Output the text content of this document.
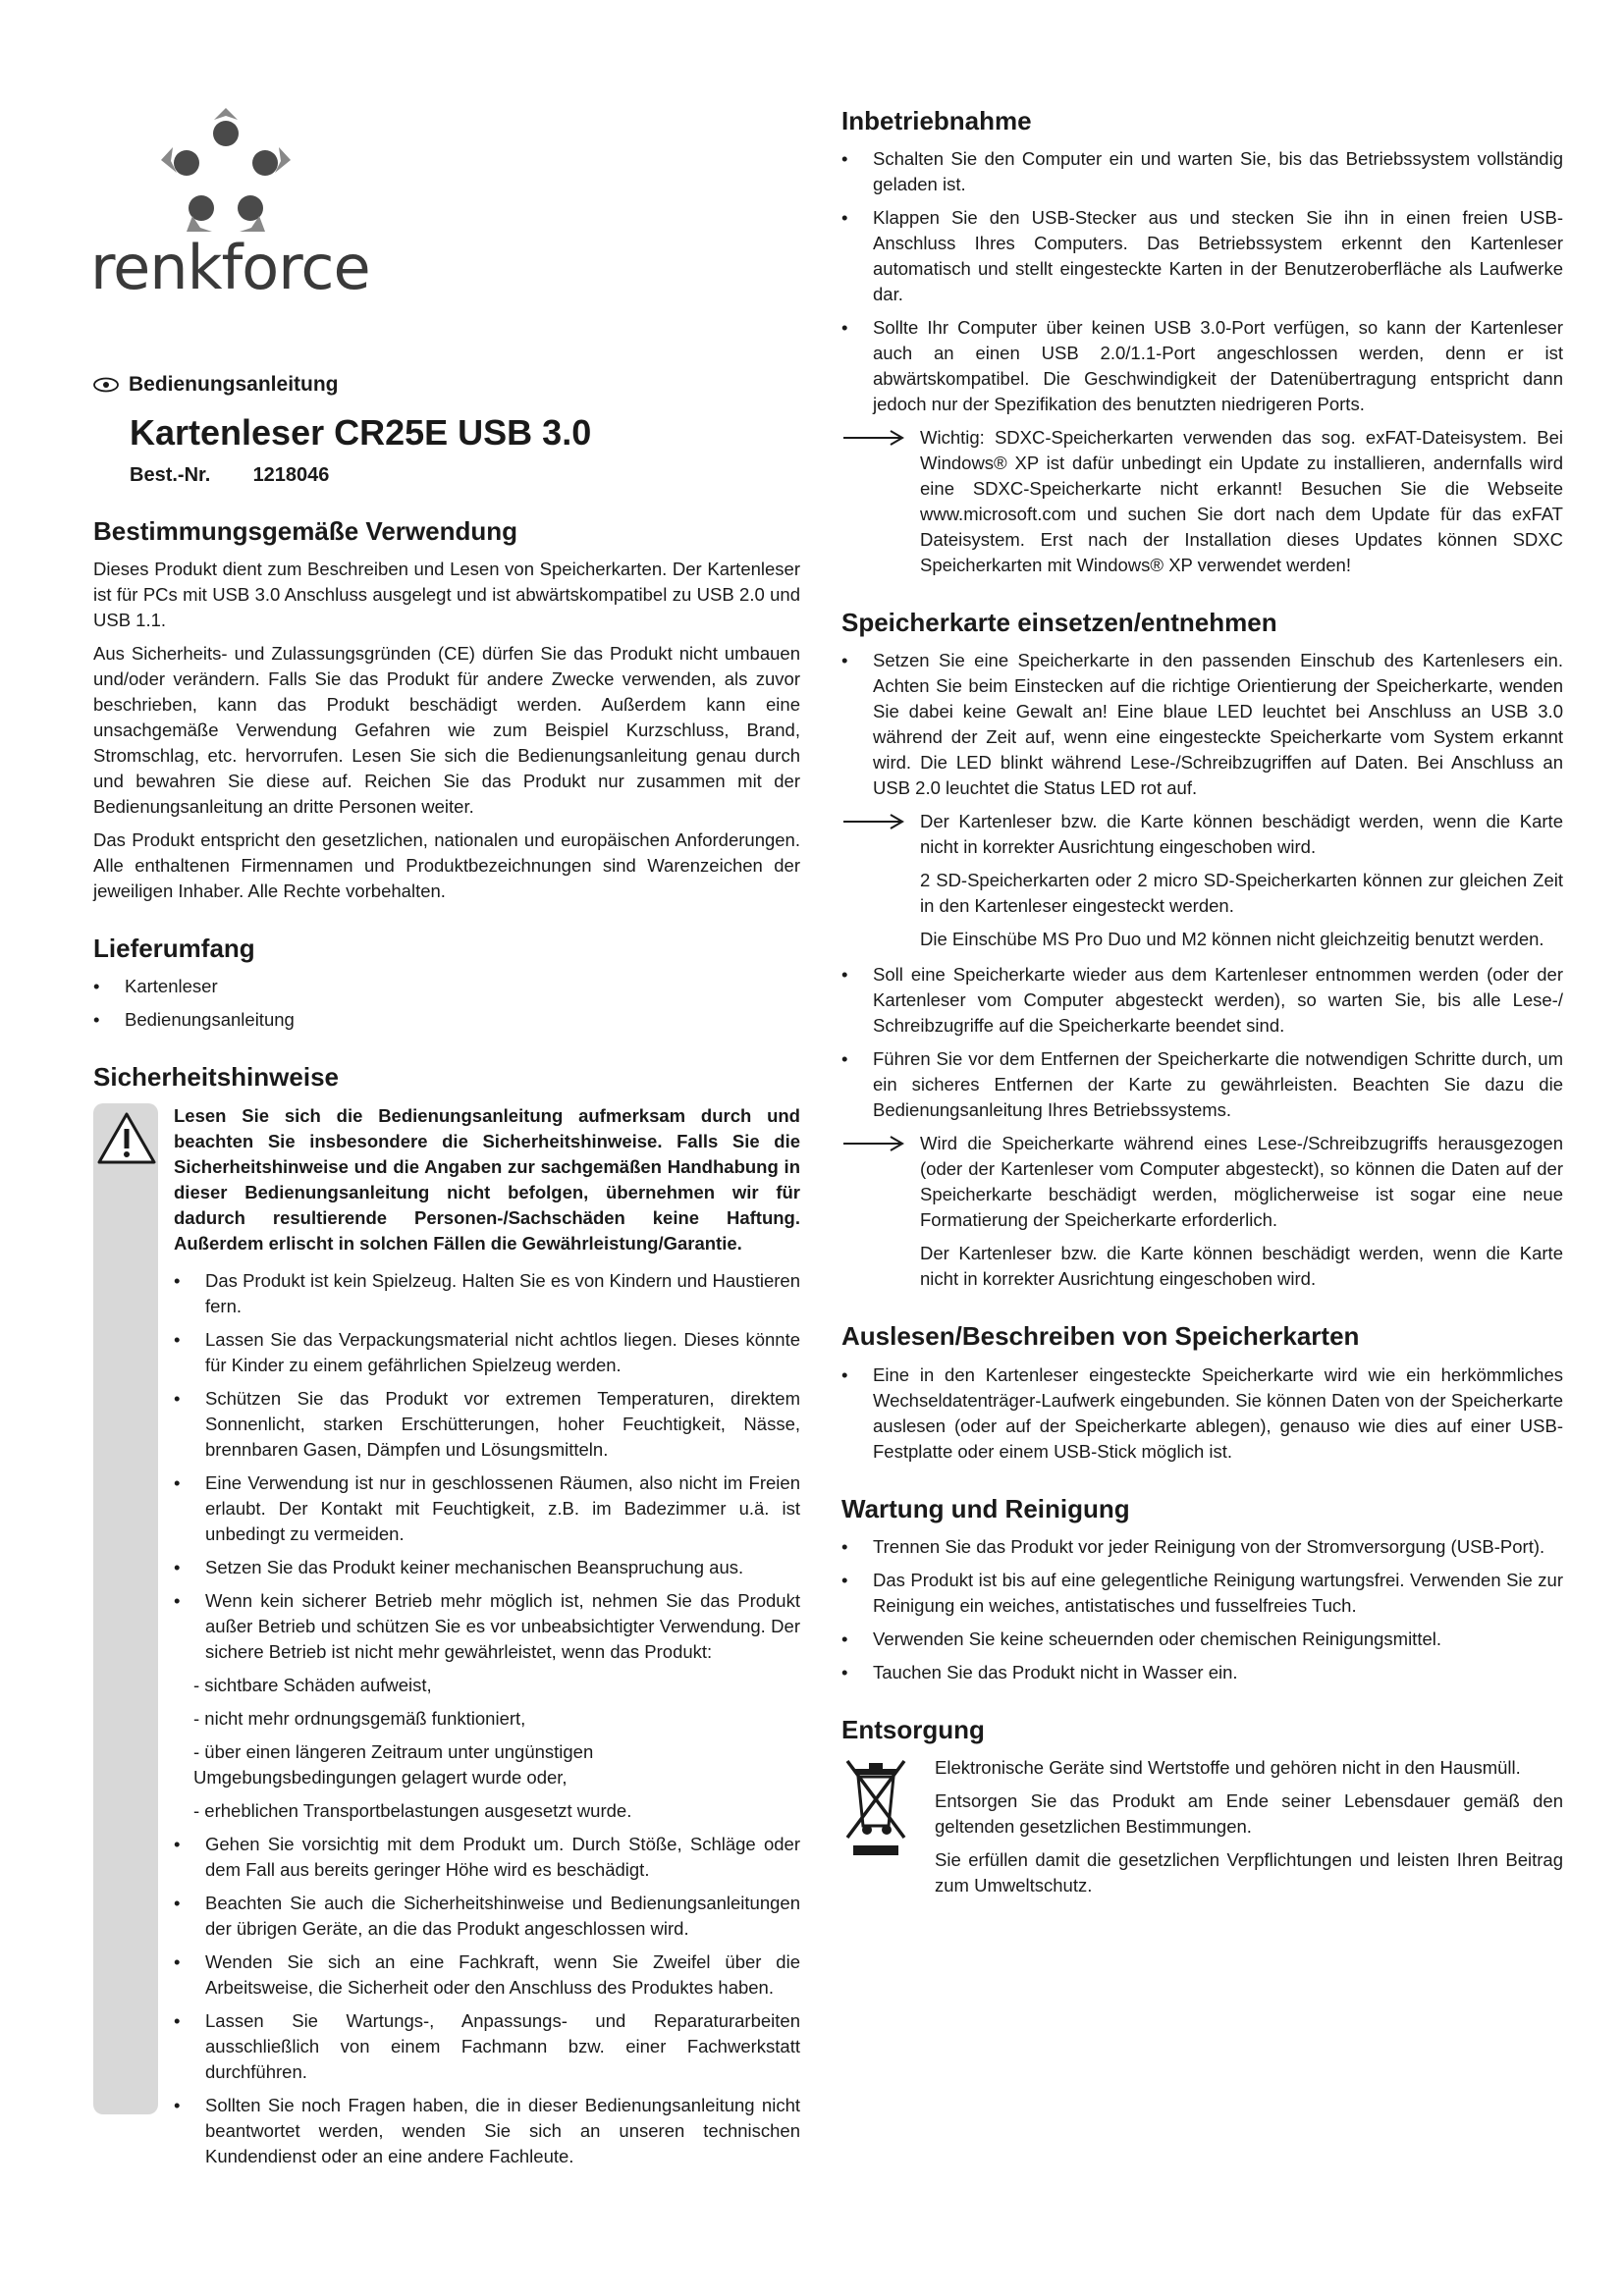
renkforce
Bedienungsanleitung
Kartenleser CR25E USB 3.0
Best.-Nr. 1218046
Bestimmungsgemäße Verwendung

Dieses Produkt dient zum Beschreiben und Lesen von Speicherkarten. Der Kartenleser ist für PCs mit USB 3.0 Anschluss ausgelegt und ist abwärtskompatibel zu USB 2.0 und USB 1.1.

Aus Sicherheits- und Zulassungsgründen (CE) dürfen Sie das Produkt nicht umbauen und/oder verändern. Falls Sie das Produkt für andere Zwecke verwenden, als zuvor beschrieben, kann das Produkt beschädigt werden. Außerdem kann eine unsachgemäße Verwendung Gefahren wie zum Beispiel Kurzschluss, Brand, Stromschlag, etc. hervorrufen. Lesen Sie sich die Bedienungsanleitung genau durch und bewahren Sie diese auf. Reichen Sie das Produkt nur zusammen mit der Bedienungsanleitung an dritte Personen weiter.

Das Produkt entspricht den gesetzlichen, nationalen und europäischen Anforderungen. Alle enthaltenen Firmennamen und Produktbezeichnungen sind Warenzeichen der jeweiligen Inhaber. Alle Rechte vorbehalten.

Lieferumfang
• Kartenleser
• Bedienungsanleitung
Sicherheitshinweise
Lesen Sie sich die Bedienungsanleitung aufmerksam durch und beachten Sie insbesondere die Sicherheitshinweise. Falls Sie die Sicherheitshinweise und die Angaben zur sachgemäßen Handhabung in dieser Bedienungsanleitung nicht befolgen, übernehmen wir für dadurch resultierende Personen-/Sachschäden keine Haftung. Außerdem erlischt in solchen Fällen die Gewährleistung/Garantie.
• Das Produkt ist kein Spielzeug. Halten Sie es von Kindern und Haustieren fern.
• Lassen Sie das Verpackungsmaterial nicht achtlos liegen. Dieses könnte für Kinder zu einem gefährlichen Spielzeug werden.
• Schützen Sie das Produkt vor extremen Temperaturen, direktem Sonnenlicht, starken Erschütterungen, hoher Feuchtigkeit, Nässe, brennbaren Gasen, Dämpfen und Lösungsmitteln.
• Eine Verwendung ist nur in geschlossenen Räumen, also nicht im Freien erlaubt. Der Kontakt mit Feuchtigkeit, z.B. im Badezimmer u.ä. ist unbedingt zu vermeiden.
• Setzen Sie das Produkt keiner mechanischen Beanspruchung aus.
• Wenn kein sicherer Betrieb mehr möglich ist, nehmen Sie das Produkt außer Betrieb und schützen Sie es vor unbeabsichtigter Verwendung. Der sichere Betrieb ist nicht mehr gewährleistet, wenn das Produkt:
- sichtbare Schäden aufweist,
- nicht mehr ordnungsgemäß funktioniert,
- über einen längeren Zeitraum unter ungünstigen Umgebungsbedingungen gelagert wurde oder,
- erheblichen Transportbelastungen ausgesetzt wurde.
• Gehen Sie vorsichtig mit dem Produkt um. Durch Stöße, Schläge oder dem Fall aus bereits geringer Höhe wird es beschädigt.
• Beachten Sie auch die Sicherheitshinweise und Bedienungsanleitungen der übrigen Geräte, an die das Produkt angeschlossen wird.
• Wenden Sie sich an eine Fachkraft, wenn Sie Zweifel über die Arbeitsweise, die Sicherheit oder den Anschluss des Produktes haben.
• Lassen Sie Wartungs-, Anpassungs- und Reparaturarbeiten ausschließlich von einem Fachmann bzw. einer Fachwerkstatt durchführen.
• Sollten Sie noch Fragen haben, die in dieser Bedienungsanleitung nicht beantwortet werden, wenden Sie sich an unseren technischen Kundendienst oder an eine andere Fachleute.
Inbetriebnahme
• Schalten Sie den Computer ein und warten Sie, bis das Betriebssystem vollständig geladen ist.
• Klappen Sie den USB-Stecker aus und stecken Sie ihn in einen freien USB-Anschluss Ihres Computers. Das Betriebssystem erkennt den Kartenleser automatisch und stellt eingesteckte Karten in der Benutzeroberfläche als Laufwerke dar.
• Sollte Ihr Computer über keinen USB 3.0-Port verfügen, so kann der Kartenleser auch an einen USB 2.0/1.1-Port angeschlossen werden, denn er ist abwärtskompatibel. Die Geschwindigkeit der Datenübertragung entspricht dann jedoch nur der Spezifikation des benutzten niedrigeren Ports.

Wichtig: SDXC-Speicherkarten verwenden das sog. exFAT-Dateisystem. Bei Windows® XP ist dafür unbedingt ein Update zu installieren, andernfalls wird eine SDXC-Speicherkarte nicht erkannt! Besuchen Sie die Webseite www.microsoft.com und suchen Sie dort nach dem Update für das exFAT Dateisystem. Erst nach der Installation dieses Updates können SDXC Speicherkarten mit Windows® XP verwendet werden!

Speicherkarte einsetzen/entnehmen
• Setzen Sie eine Speicherkarte in den passenden Einschub des Kartenlesers ein. Achten Sie beim Einstecken auf die richtige Orientierung der Speicherkarte, wenden Sie dabei keine Gewalt an! Eine blaue LED leuchtet bei Anschluss an USB 3.0 während der Zeit auf, wenn eine eingesteckte Speicherkarte vom System erkannt wird. Die LED blinkt während Lese-/Schreibzugriffen auf Daten. Bei Anschluss an USB 2.0 leuchtet die Status LED rot auf.

Der Kartenleser bzw. die Karte können beschädigt werden, wenn die Karte nicht in korrekter Ausrichtung eingeschoben wird.

2 SD-Speicherkarten oder 2 micro SD-Speicherkarten können zur gleichen Zeit in den Kartenleser eingesteckt werden.

Die Einschübe MS Pro Duo und M2 können nicht gleichzeitig benutzt werden.

• Soll eine Speicherkarte wieder aus dem Kartenleser entnommen werden (oder der Kartenleser vom Computer abgesteckt werden), so warten Sie, bis alle Lese-/ Schreibzugriffe auf die Speicherkarte beendet sind.
• Führen Sie vor dem Entfernen der Speicherkarte die notwendigen Schritte durch, um ein sicheres Entfernen der Karte zu gewährleisten. Beachten Sie dazu die Bedienungsanleitung Ihres Betriebssystems.

Wird die Speicherkarte während eines Lese-/Schreibzugriffs herausgezogen (oder der Kartenleser vom Computer abgesteckt), so können die Daten auf der Speicherkarte beschädigt werden, möglicherweise ist sogar eine neue Formatierung der Speicherkarte erforderlich.

Der Kartenleser bzw. die Karte können beschädigt werden, wenn die Karte nicht in korrekter Ausrichtung eingeschoben wird.

Auslesen/Beschreiben von Speicherkarten
• Eine in den Kartenleser eingesteckte Speicherkarte wird wie ein herkömmliches Wechseldatenträger-Laufwerk eingebunden. Sie können Daten von der Speicherkarte auslesen (oder auf der Speicherkarte ablegen), genauso wie dies auf einer USB-Festplatte oder einem USB-Stick möglich ist.
Wartung und Reinigung
• Trennen Sie das Produkt vor jeder Reinigung von der Stromversorgung (USB-Port).
• Das Produkt ist bis auf eine gelegentliche Reinigung wartungsfrei. Verwenden Sie zur Reinigung ein weiches, antistatisches und fusselfreies Tuch.
• Verwenden Sie keine scheuernden oder chemischen Reinigungsmittel.
• Tauchen Sie das Produkt nicht in Wasser ein.
Entsorgung

Elektronische Geräte sind Wertstoffe und gehören nicht in den Hausmüll.

Entsorgen Sie das Produkt am Ende seiner Lebensdauer gemäß den geltenden gesetzlichen Bestimmungen.

Sie erfüllen damit die gesetzlichen Verpflichtungen und leisten Ihren Beitrag zum Umweltschutz.
